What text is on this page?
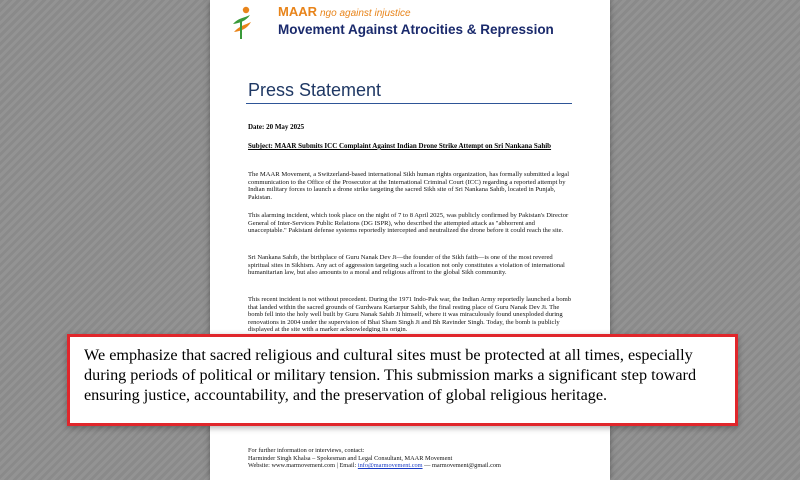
MAAR ngo against injustice
Movement Against Atrocities & Repression
Press Statement
Date: 20 May 2025
Subject: MAAR Submits ICC Complaint Against Indian Drone Strike Attempt on Sri Nankana Sahib

The MAAR Movement, a Switzerland-based international Sikh human rights organization, has formally submitted a legal communication to the Office of the Prosecutor at the International Criminal Court (ICC) regarding a reported attempt by Indian military forces to launch a drone strike targeting the sacred Sikh site of Sri Nankana Sahib, located in Punjab, Pakistan.

This alarming incident, which took place on the night of 7 to 8 April 2025, was publicly confirmed by Pakistan's Director General of Inter-Services Public Relations (DG ISPR), who described the attempted attack as "abhorrent and unacceptable." Pakistani defense systems reportedly intercepted and neutralized the drone before it could reach the site.

Sri Nankana Sahib, the birthplace of Guru Nanak Dev Ji—the founder of the Sikh faith—is one of the most revered spiritual sites in Sikhism. Any act of aggression targeting such a location not only constitutes a violation of international humanitarian law, but also amounts to a moral and religious affront to the global Sikh community.

This recent incident is not without precedent. During the 1971 Indo-Pak war, the Indian Army reportedly launched a bomb that landed within the sacred grounds of Gurdwara Kartarpur Sahib, the final resting place of Guru Nanak Dev Ji. The bomb fell into the holy well built by Guru Nanak Sahib Ji himself, where it was miraculously found unexploded during renovations in 2004 under the supervision of Bhai Sham Singh Ji and Bh Ravinder Singh. Today, the bomb is publicly displayed at the site with a marker acknowledging its origin.

For further information or interviews, contact:
Harminder Singh Khalsa – Spokesman and Legal Consultant, MAAR Movement
Website: www.marmovement.com | Email: info@marmovement.com — marmovement@gmail.com

We emphasize that sacred religious and cultural sites must be protected at all times, especially during periods of political or military tension. This submission marks a significant step toward ensuring justice, accountability, and the preservation of global religious heritage.
